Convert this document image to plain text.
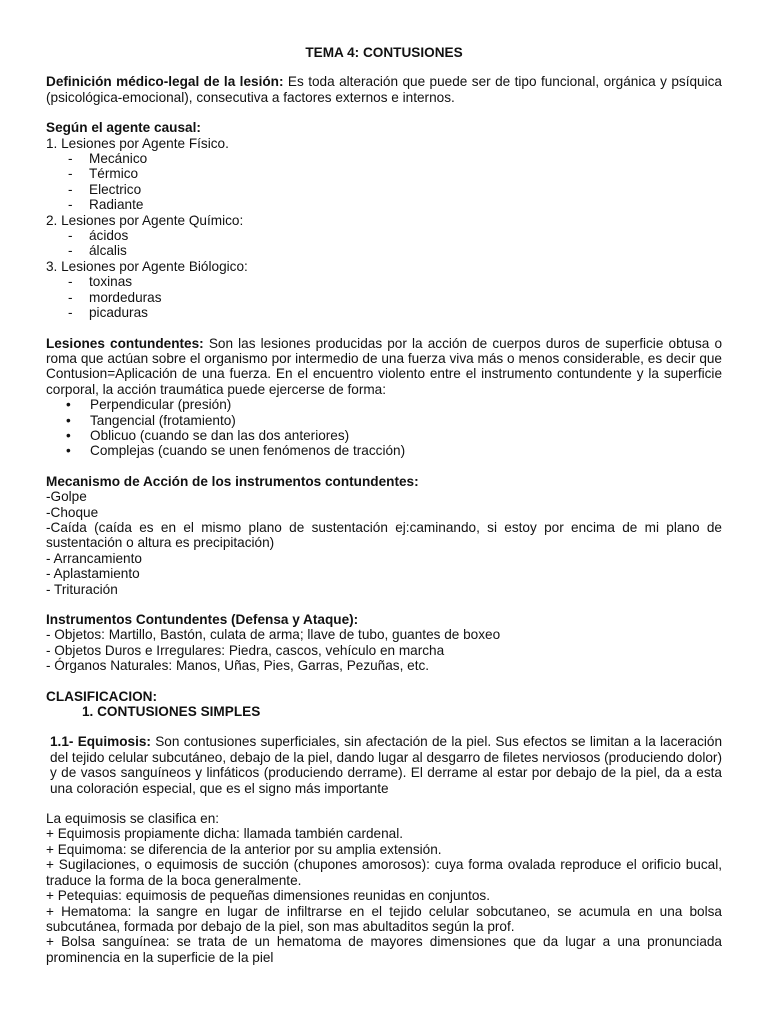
TEMA 4: CONTUSIONES

Definición médico-legal de la lesión: Es toda alteración que puede ser de tipo funcional, orgánica y psíquica (psicológica-emocional), consecutiva a factores externos e internos.

Según el agente causal:

1. Lesiones por Agente Físico.

- Mecánico
- Térmico
- Electrico
- Radiante

2. Lesiones por Agente Químico:

- ácidos
- álcalis

3. Lesiones por Agente Biólogico:

- toxinas
- mordeduras
- picaduras

Lesiones contundentes: Son las lesiones producidas por la acción de cuerpos duros de superficie obtusa o roma que actúan sobre el organismo por intermedio de una fuerza viva más o menos considerable, es decir que Contusion=Aplicación de una fuerza. En el encuentro violento entre el instrumento contundente y la superficie corporal, la acción traumática puede ejercerse de forma:

• Perpendicular (presión)
• Tangencial (frotamiento)
• Oblicuo (cuando se dan las dos anteriores)
• Complejas (cuando se unen fenómenos de tracción)

Mecanismo de Acción de los instrumentos contundentes:

-Golpe

-Choque

-Caída (caída es en el mismo plano de sustentación ej:caminando, si estoy por encima de mi plano de sustentación o altura es precipitación)

- Arrancamiento

- Aplastamiento

- Trituración

Instrumentos Contundentes (Defensa y Ataque):

- Objetos: Martillo, Bastón, culata de arma; llave de tubo, guantes de boxeo

- Objetos Duros e Irregulares: Piedra, cascos, vehículo en marcha

- Órganos Naturales: Manos, Uñas, Pies, Garras, Pezuñas, etc.

CLASIFICACION:

1. CONTUSIONES SIMPLES

1.1- Equimosis: Son contusiones superficiales, sin afectación de la piel. Sus efectos se limitan a la laceración del tejido celular subcutáneo, debajo de la piel, dando lugar al desgarro de filetes nerviosos (produciendo dolor) y de vasos sanguíneos y linfáticos (produciendo derrame). El derrame al estar por debajo de la piel, da a esta una coloración especial, que es el signo más importante

La equimosis se clasifica en:

+ Equimosis propiamente dicha: llamada también cardenal.

+ Equimoma: se diferencia de la anterior por su amplia extensión.

+ Sugilaciones, o equimosis de succión (chupones amorosos): cuya forma ovalada reproduce el orificio bucal, traduce la forma de la boca generalmente.

+ Petequias: equimosis de pequeñas dimensiones reunidas en conjuntos.

+ Hematoma: la sangre en lugar de infiltrarse en el tejido celular sobcutaneo, se acumula en una bolsa subcutánea, formada por debajo de la piel, son mas abultaditos según la prof.

+ Bolsa sanguínea: se trata de un hematoma de mayores dimensiones que da lugar a una pronunciada prominencia en la superficie de la piel
